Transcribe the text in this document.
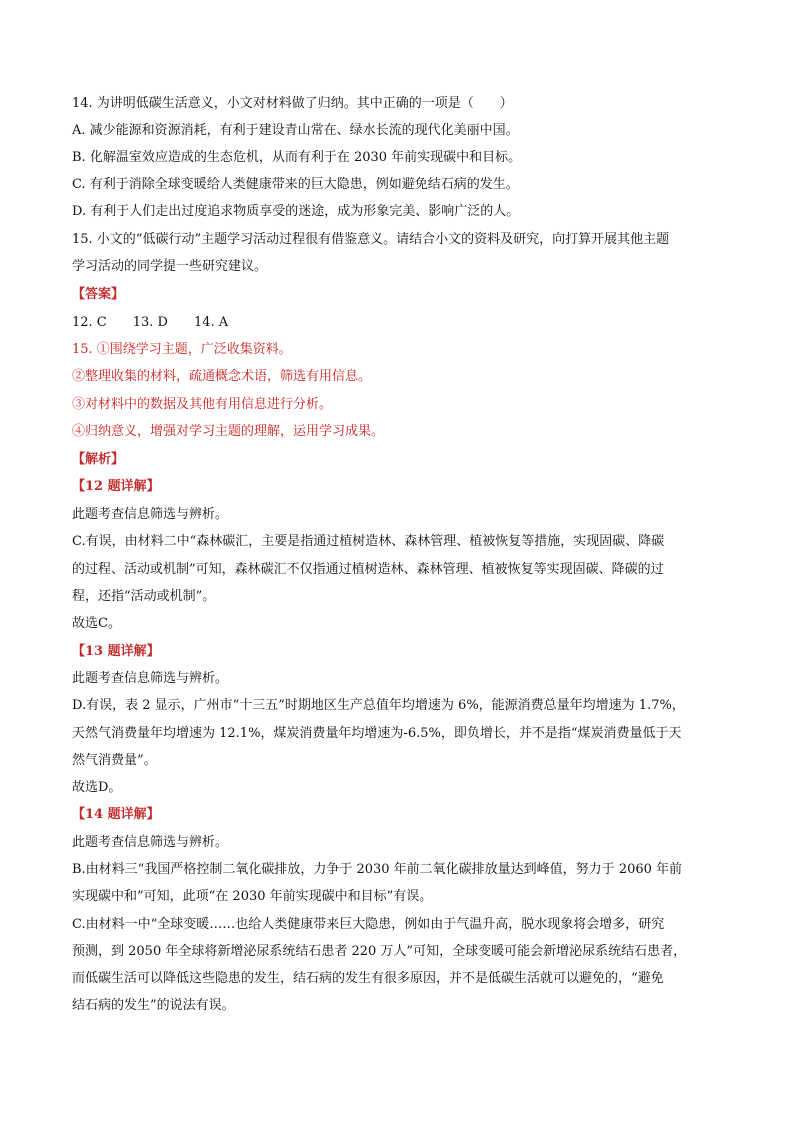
14. 为讲明低碳生活意义，小文对材料做了归纳。其中正确的一项是（　　）
A. 减少能源和资源消耗，有利于建设青山常在、绿水长流的现代化美丽中国。
B. 化解温室效应造成的生态危机，从而有利于在 2030 年前实现碳中和目标。
C. 有利于消除全球变暖给人类健康带来的巨大隐患，例如避免结石病的发生。
D. 有利于人们走出过度追求物质享受的迷途，成为形象完美、影响广泛的人。
15. 小文的“低碳行动”主题学习活动过程很有借鉴意义。请结合小文的资料及研究，向打算开展其他主题
学习活动的同学提一些研究建议。
【答案】
12. C　　13. D　　14. A
15. ①围绕学习主题，广泛收集资料。
②整理收集的材料，疏通概念术语，筛选有用信息。
③对材料中的数据及其他有用信息进行分析。
④归纳意义，增强对学习主题的理解，运用学习成果。
【解析】
【12 题详解】
此题考查信息筛选与辨析。
C.有误，由材料二中“森林碳汇，主要是指通过植树造林、森林管理、植被恢复等措施，实现固碳、降碳
的过程、活动或机制”可知，森林碳汇不仅指通过植树造林、森林管理、植被恢复等实现固碳、降碳的过
程，还指“活动或机制”。
故选C。
【13 题详解】
此题考查信息筛选与辨析。
D.有误，表 2 显示，广州市“十三五”时期地区生产总值年均增速为 6%，能源消费总量年均增速为 1.7%，
天然气消费量年均增速为 12.1%，煤炭消费量年均增速为-6.5%，即负增长，并不是指“煤炭消费量低于天
然气消费量”。
故选D。
【14 题详解】
此题考查信息筛选与辨析。
B.由材料三“我国严格控制二氧化碳排放，力争于 2030 年前二氧化碳排放量达到峰值，努力于 2060 年前
实现碳中和”可知，此项“在 2030 年前实现碳中和目标”有误。
C.由材料一中“全球变暖……也给人类健康带来巨大隐患，例如由于气温升高，脱水现象将会增多，研究
预测，到 2050 年全球将新增泌尿系统结石患者 220 万人”可知，全球变暖可能会新增泌尿系统结石患者，
而低碳生活可以降低这些隐患的发生，结石病的发生有很多原因，并不是低碳生活就可以避免的，“避免
结石病的发生”的说法有误。
